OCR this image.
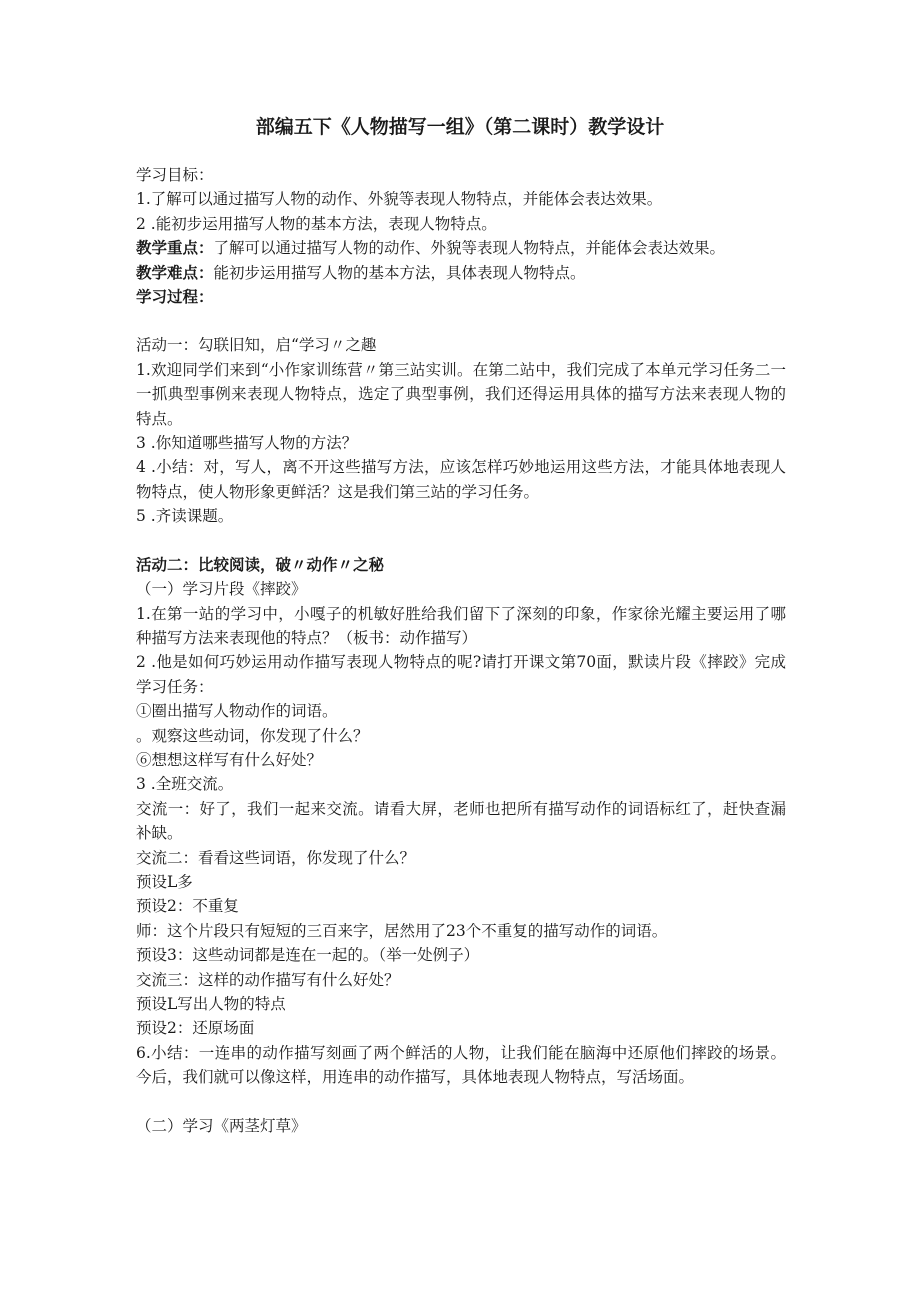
部编五下《人物描写一组》（第二课时）教学设计

学习目标：

1.了解可以通过描写人物的动作、外貌等表现人物特点，并能体会表达效果。

2 .能初步运用描写人物的基本方法，表现人物特点。

教学重点：了解可以通过描写人物的动作、外貌等表现人物特点，并能体会表达效果。

教学难点：能初步运用描写人物的基本方法，具体表现人物特点。

学习过程：

活动一：勾联旧知，启“学习〃之趣

1.欢迎同学们来到“小作家训练营〃第三站实训。在第二站中，我们完成了本单元学习任务二一一抓典型事例来表现人物特点，选定了典型事例，我们还得运用具体的描写方法来表现人物的特点。

3 .你知道哪些描写人物的方法？

4 .小结：对，写人，离不开这些描写方法，应该怎样巧妙地运用这些方法，才能具体地表现人物特点，使人物形象更鲜活？这是我们第三站的学习任务。

5 .齐读课题。

活动二：比较阅读，破〃动作〃之秘

（一）学习片段《摔跤》

1.在第一站的学习中，小嘎子的机敏好胜给我们留下了深刻的印象，作家徐光耀主要运用了哪种描写方法来表现他的特点？（板书：动作描写）

2 .他是如何巧妙运用动作描写表现人物特点的呢?请打开课文第70面，默读片段《摔跤》完成学习任务：

①圈出描写人物动作的词语。

。观察这些动词，你发现了什么？

⑥想想这样写有什么好处？

3 .全班交流。

交流一：好了，我们一起来交流。请看大屏，老师也把所有描写动作的词语标红了，赶快查漏补缺。

交流二：看看这些词语，你发现了什么？

预设L多

预设2：不重复

师：这个片段只有短短的三百来字，居然用了23个不重复的描写动作的词语。

预设3：这些动词都是连在一起的。（举一处例子）

交流三：这样的动作描写有什么好处？

预设L写出人物的特点

预设2：还原场面

6.小结：一连串的动作描写刻画了两个鲜活的人物，让我们能在脑海中还原他们摔跤的场景。今后，我们就可以像这样，用连串的动作描写，具体地表现人物特点，写活场面。

（二）学习《两茎灯草》
